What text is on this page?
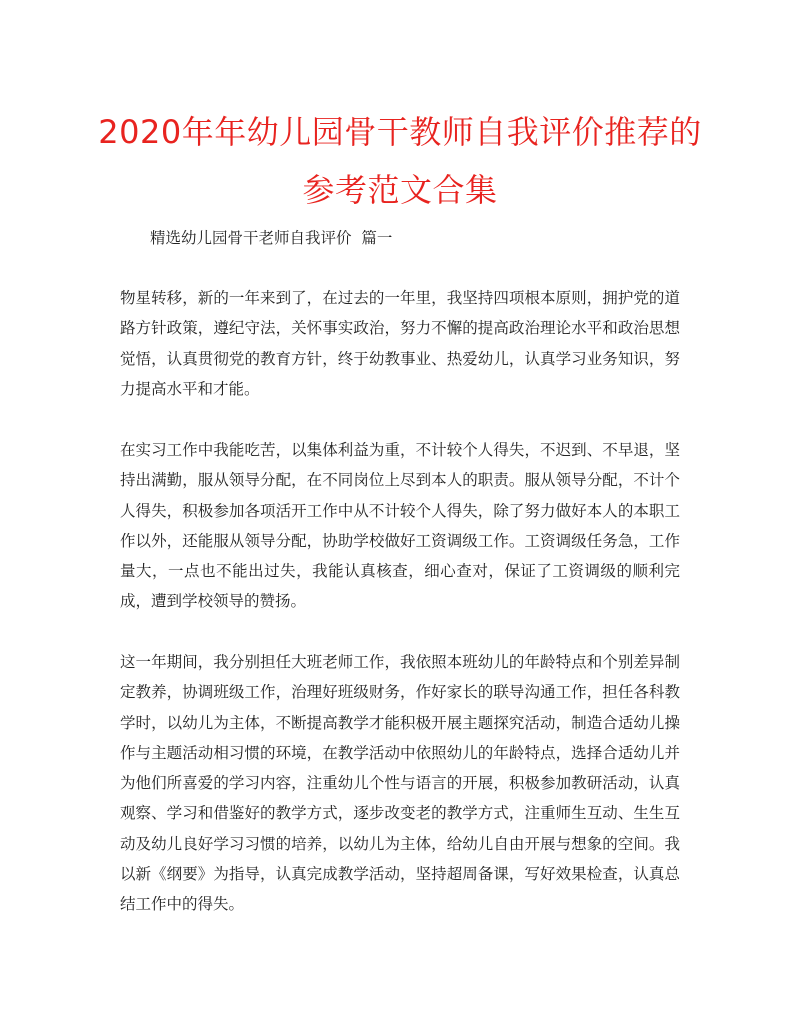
2020年年幼儿园骨干教师自我评价推荐的
参考范文合集
精选幼儿园骨干老师自我评价  篇一

物星转移，新的一年来到了，在过去的一年里，我坚持四项根本原则，拥护党的道路方针政策，遵纪守法，关怀事实政治，努力不懈的提高政治理论水平和政治思想觉悟，认真贯彻党的教育方针，终于幼教事业、热爱幼儿，认真学习业务知识，努力提高水平和才能。

在实习工作中我能吃苦，以集体利益为重，不计较个人得失，不迟到、不早退，坚持出满勤，服从领导分配，在不同岗位上尽到本人的职责。服从领导分配，不计个人得失，积极参加各项活开工作中从不计较个人得失，除了努力做好本人的本职工作以外，还能服从领导分配，协助学校做好工资调级工作。工资调级任务急，工作量大，一点也不能出过失，我能认真核查，细心查对，保证了工资调级的顺利完成，遭到学校领导的赞扬。

这一年期间，我分别担任大班老师工作，我依照本班幼儿的年龄特点和个别差异制定教养，协调班级工作，治理好班级财务，作好家长的联导沟通工作，担任各科教学时，以幼儿为主体，不断提高教学才能积极开展主题探究活动，制造合适幼儿操作与主题活动相习惯的环境，在教学活动中依照幼儿的年龄特点，选择合适幼儿并为他们所喜爱的学习内容，注重幼儿个性与语言的开展，积极参加教研活动，认真观察、学习和借鉴好的教学方式，逐步改变老的教学方式，注重师生互动、生生互动及幼儿良好学习习惯的培养，以幼儿为主体，给幼儿自由开展与想象的空间。我以新《纲要》为指导，认真完成教学活动，坚持超周备课，写好效果检查，认真总结工作中的得失。
